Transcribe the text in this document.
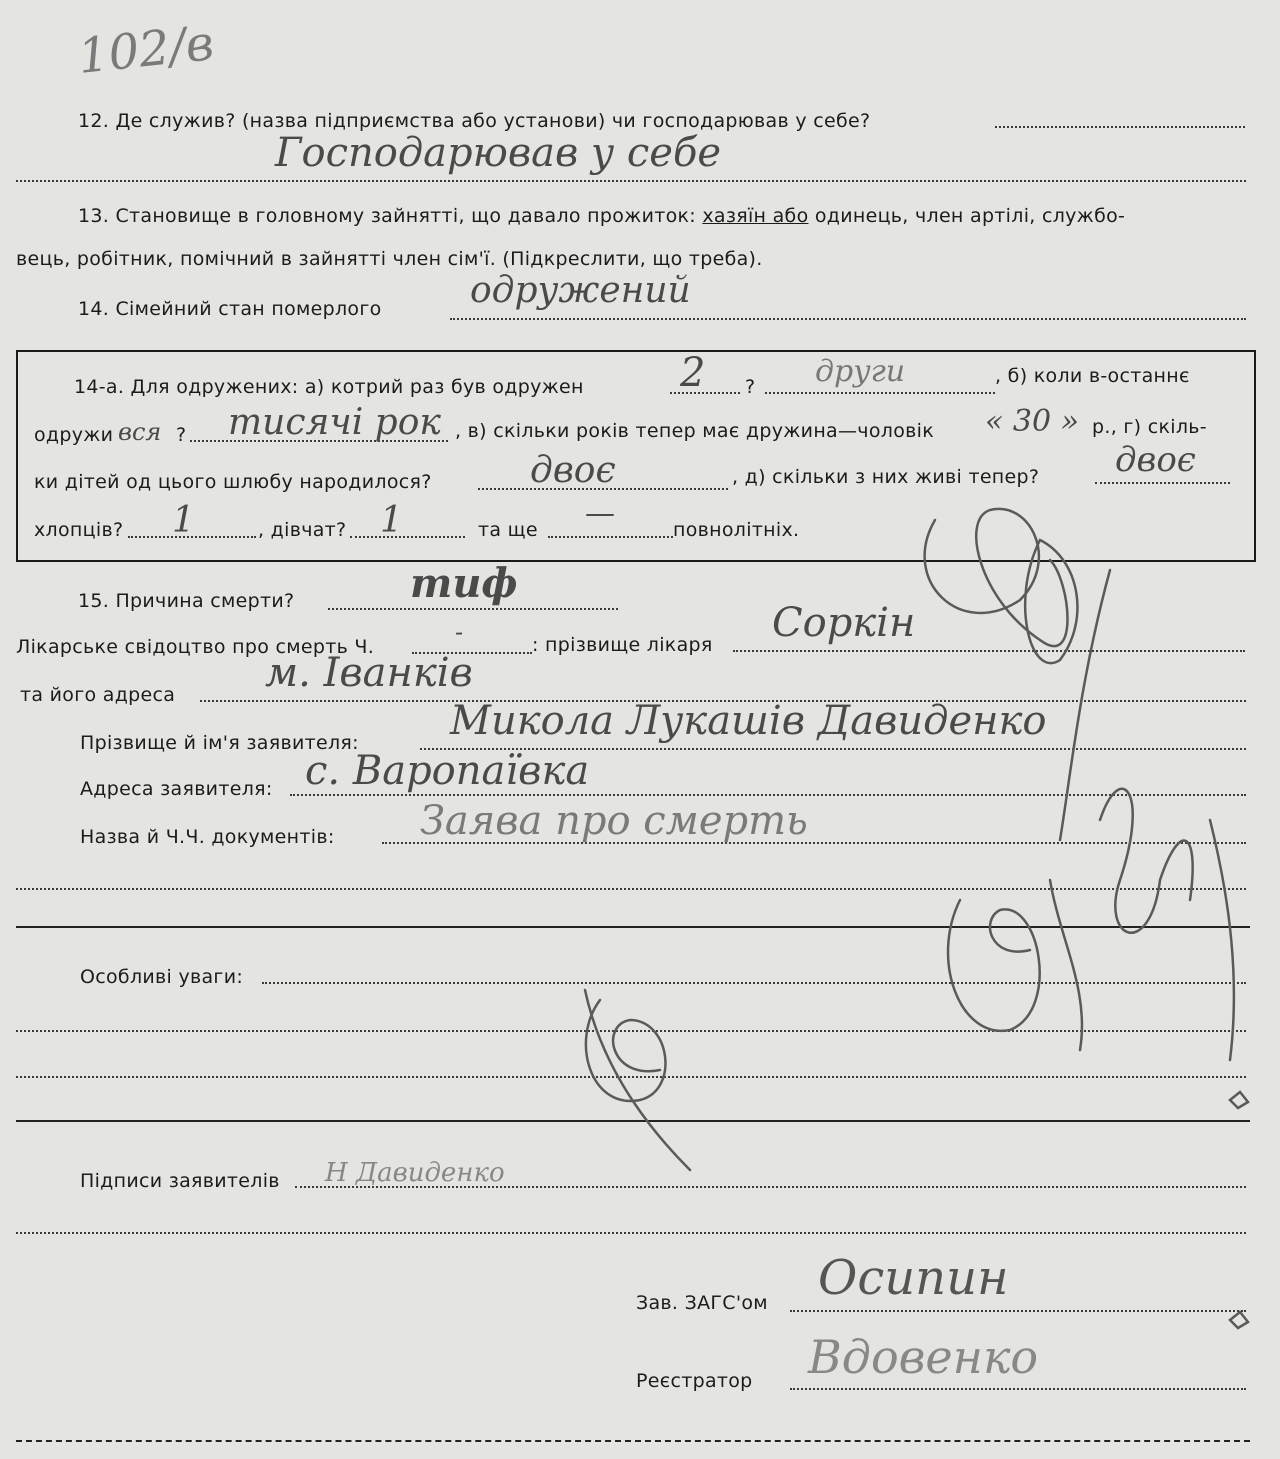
102/в
12. Де служив? (назва підприємства або установи) чи господарював у себе?
Господарював у себе
13. Становище в головному зайнятті, що давало прожиток: хазяїн або одинець, член артілі, службо-
вець, робітник, помічний в зайнятті член сім'ї. (Підкреслити, що треба).
14. Сімейний стан померлого одружений
14-а. Для одружених: а) котрий раз був одружен 2 ? други	, б) коли в-останнє
одружи вся ? тисячі рок , в) скільки років тепер має дружина—чоловік « 30 » р., г) скіль-
ки дітей од цього шлюбу народилося?	двоє	, д) скільки з них живі тепер? двоє
хлопців? 1	, дівчат? 1	та ще —	повнолітніх.
15. Причина смерти?	тиф
Лікарське свідоцтво про смерть Ч.
-	: прізвище лікаря Соркін
та його адреса м. Іванків
Прізвище й ім'я заявителя: Микола Лукашів Давиденко
Адреса заявителя: с. Варопаївка
Назва й Ч.Ч. документів: Заява про смерть
Особливі уваги:
Підписи заявителів Н Давиденко
Зав. ЗАГС'ом Осипин
Реєстратор Вдовенко
